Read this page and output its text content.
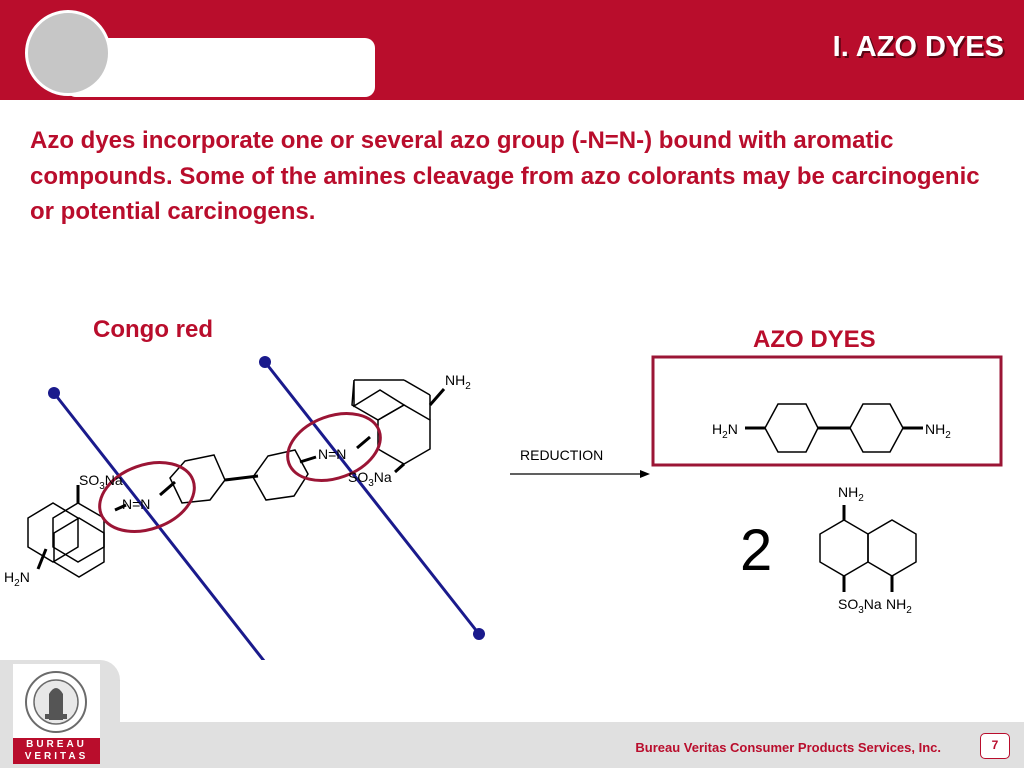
I. AZO DYES

Azo dyes incorporate one or several azo group (-N=N-) bound with aromatic compounds. Some of the amines cleavage from azo colorants may be carcinogenic or potential carcinogens.

Congo red
$SO_3Na$
N=N
$H_2N$
N=N
$SO_3Na$
$NH_2$
REDUCTION
AZO DYES
$H_2N$	$NH_2$
2
$NH_2$
$SO_3Na$ $NH_2$
BUREAU
VERITAS

Bureau Veritas Consumer Products Services, Inc.	7
